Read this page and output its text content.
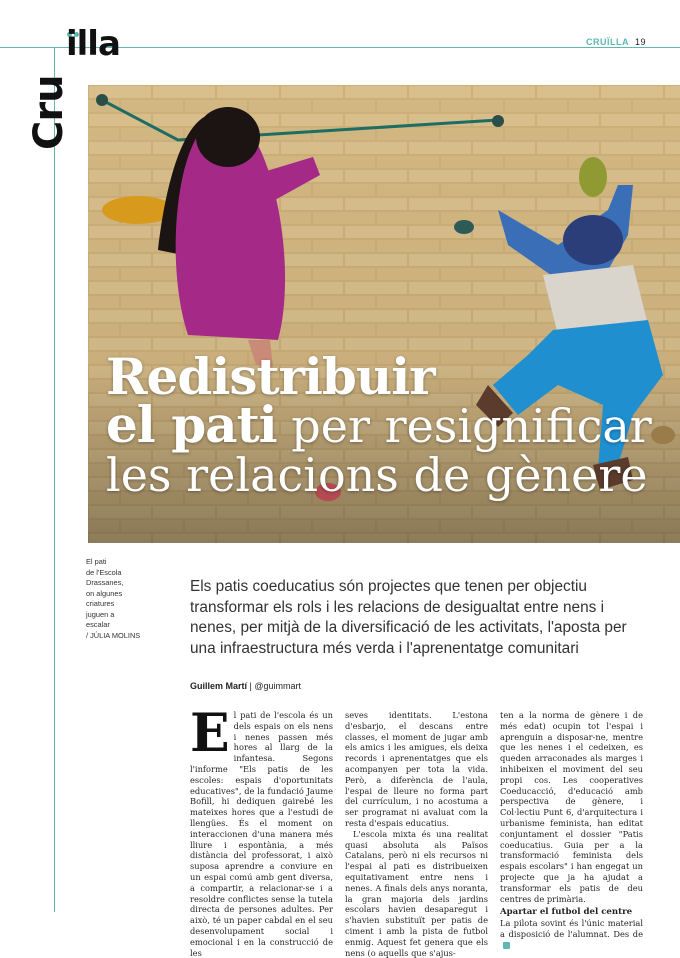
illa
Cru
CRUÏLLA 19
Redistribuir
el pati per resignificar
les relacions de gènere
El pati
de l'Escola
Drassanes,
on algunes
criatures
juguen a
escalar
/ JÚLIA MOLINS
Els patis coeducatius són projectes que tenen per objectiu transformar els rols i les relacions de desigualtat entre nens i nenes, per mitjà de la diversificació de les activitats, l'aposta per una infraestructura més verda i l'aprenentatge comunitari
Guillem Martí | @guimmart
El pati de l'escola és un dels espais on els nens i nenes passen més hores al llarg de la infantesa. Segons l'informe "Els patis de les escoles: espais d'oportunitats educatives", de la fundació Jaume Bofill, hi dediquen gairebé les mateixes hores que a l'estudi de llengües. És el moment on interaccionen d'una manera més lliure i espontània, a més distància del professorat, i això suposa aprendre a conviure en un espai comú amb gent diversa, a compartir, a relacionar-se i a resoldre conflictes sense la tutela directa de persones adultes. Per això, té un paper cabdal en el seu desenvolupament social i emocional i en la construcció de les
seves identitats. L'estona d'esbarjo, el descans entre classes, el moment de jugar amb els amics i les amigues, els deixa records i aprenentatges que els acompanyen per tota la vida. Però, a diferència de l'aula, l'espai de lleure no forma part del currículum, i no acostuma a ser programat ni avaluat com la resta d'espais educatius.
L'escola mixta és una realitat quasi absoluta als Països Catalans, però ni els recursos ni l'espai al pati es distribueixen equitativament entre nens i nenes. A finals dels anys noranta, la gran majoria dels jardins escolars havien desaparegut i s'havien substituït per patis de ciment i amb la pista de futbol enmig. Aquest fet genera que els nens (o aquells que s'ajus-
ten a la norma de gènere i de més edat) ocupin tot l'espai i aprenguin a disposar-ne, mentre que les nenes i el cedeixen, es queden arraconades als marges i inhibeixen el moviment del seu propi cos. Les cooperatives Coeducacció, d'educació amb perspectiva de gènere, i Col·lectiu Punt 6, d'arquitectura i urbanisme feminista, han editat conjuntament el dossier "Patis coeducatius. Guia per a la transformació feminista dels espais escolars" i han engegat un projecte que ja ha ajudat a transformar els patis de deu centres de primària.
Apartar el futbol del centre
La pilota sovint és l'únic material a disposició de l'alumnat. Des de
